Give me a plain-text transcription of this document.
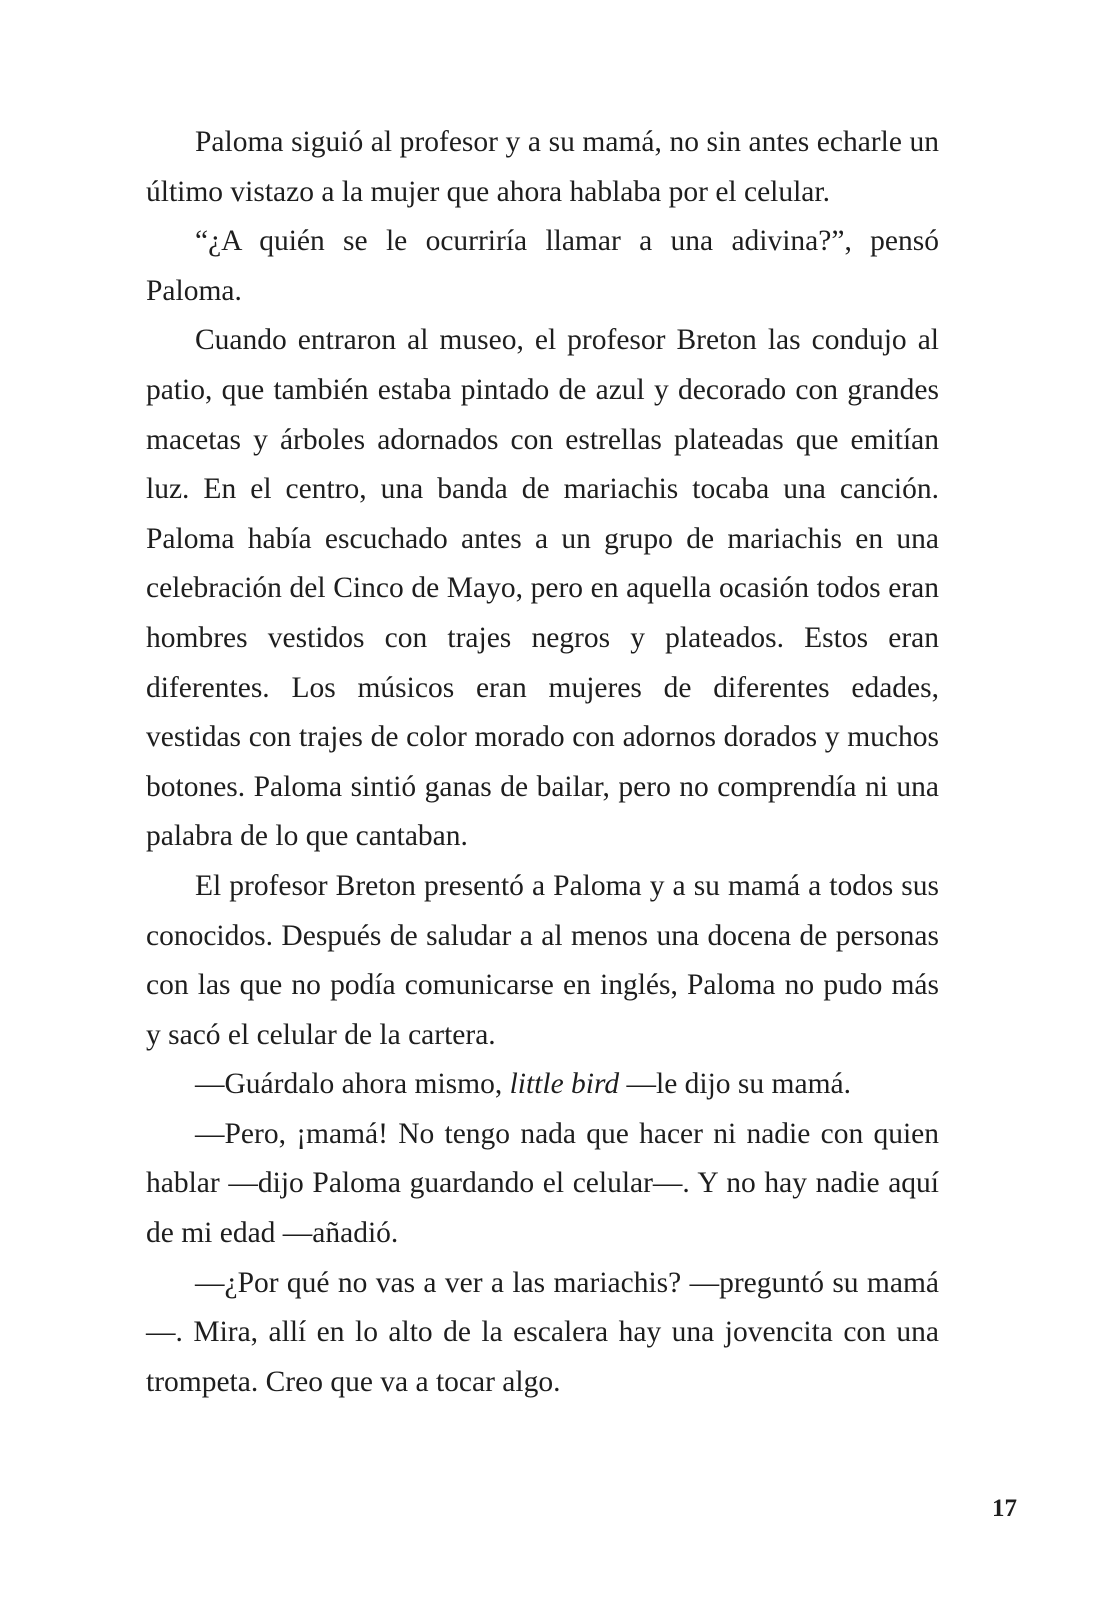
Paloma siguió al profesor y a su mamá, no sin antes echarle un último vistazo a la mujer que ahora hablaba por el celular.

“¿A quién se le ocurriría llamar a una adivina?”, pensó Paloma.

Cuando entraron al museo, el profesor Breton las condujo al patio, que también estaba pintado de azul y decorado con grandes macetas y árboles adornados con estrellas plateadas que emitían luz. En el centro, una banda de mariachis tocaba una canción. Paloma había escuchado antes a un grupo de mariachis en una celebración del Cinco de Mayo, pero en aquella ocasión todos eran hombres vestidos con trajes negros y plateados. Estos eran diferentes. Los músicos eran mujeres de diferentes edades, vestidas con trajes de color morado con adornos dorados y muchos botones. Paloma sintió ganas de bailar, pero no comprendía ni una palabra de lo que cantaban.

El profesor Breton presentó a Paloma y a su mamá a todos sus conocidos. Después de saludar a al menos una docena de personas con las que no podía comunicarse en inglés, Paloma no pudo más y sacó el celular de la cartera.

—Guárdalo ahora mismo, little bird —le dijo su mamá.

—Pero, ¡mamá! No tengo nada que hacer ni nadie con quien hablar —dijo Paloma guardando el celular—. Y no hay nadie aquí de mi edad —añadió.

—¿Por qué no vas a ver a las mariachis? —preguntó su mamá—. Mira, allí en lo alto de la escalera hay una jovencita con una trompeta. Creo que va a tocar algo.

17
